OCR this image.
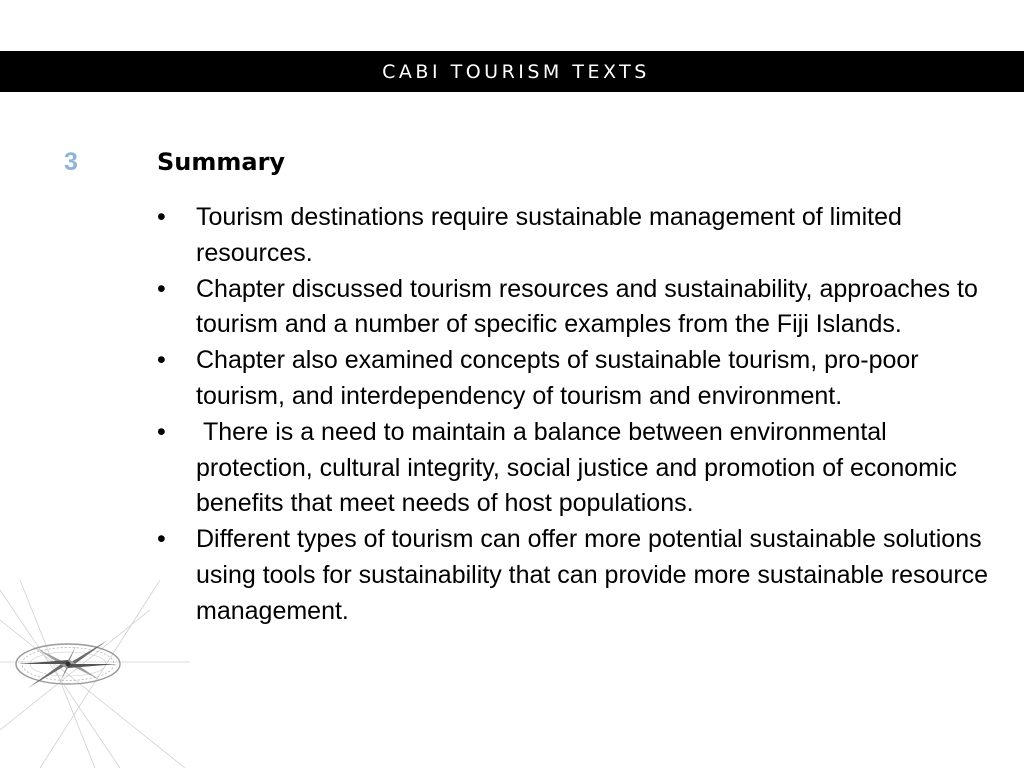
CABI TOURISM TEXTS
3	Summary
• Tourism destinations require sustainable management of limited resources.
• Chapter discussed tourism resources and sustainability, approaches to tourism and a number of specific examples from the Fiji Islands.
• Chapter also examined concepts of sustainable tourism, pro-poor tourism, and interdependency of tourism and environment.
• There is a need to maintain a balance between environmental protection, cultural integrity, social justice and promotion of economic benefits that meet needs of host populations.
• Different types of tourism can offer more potential sustainable solutions  using tools for sustainability that can provide more sustainable resource management.
